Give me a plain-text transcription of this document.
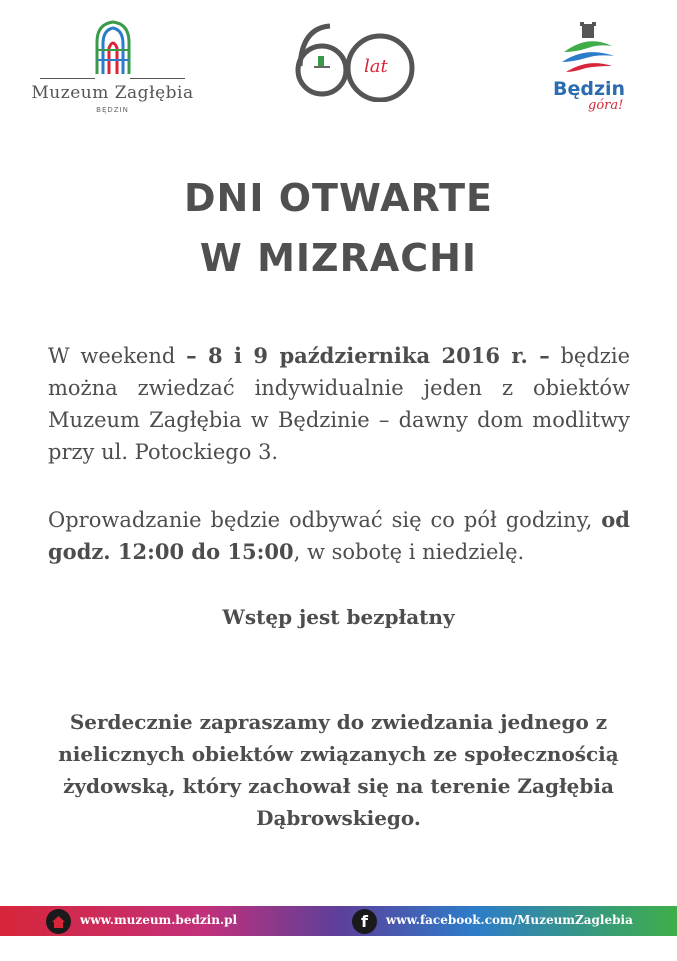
Muzeum Zagłębia
BĘDZIN
lat
Będzin
góra!
DNI OTWARTE
W MIZRACHI

W weekend – 8 i 9 października 2016 r. – będzie można zwiedzać indywidualnie jeden z obiektów Muzeum Zagłębia w Będzinie – dawny dom modlitwy przy ul. Potockiego 3.

Oprowadzanie będzie odbywać się co pół godziny, od godz. 12:00 do 15:00, w sobotę i niedzielę.

Wstęp jest bezpłatny
Serdecznie zapraszamy do zwiedzania jednego z nielicznych obiektów związanych ze społecznością żydowską, który zachował się na terenie Zagłębia Dąbrowskiego.
www.muzeum.bedzin.pl	f www.facebook.com/MuzeumZaglebia
